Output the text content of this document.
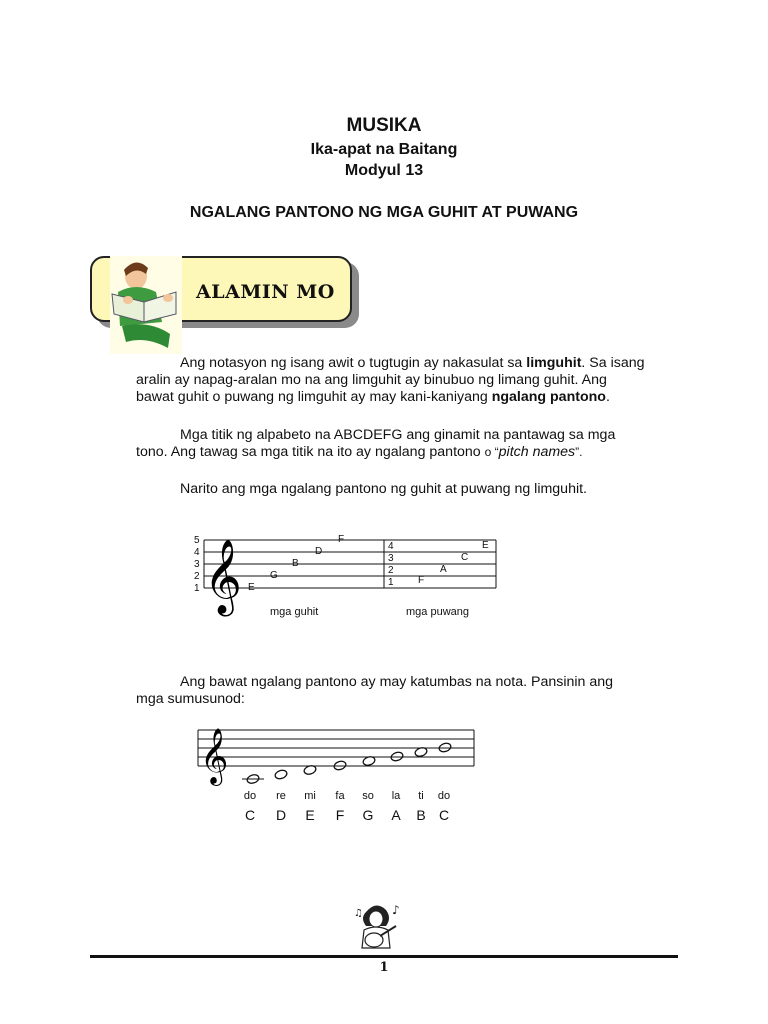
MUSIKA
Ika-apat na Baitang
Modyul 13
NGALANG PANTONO NG MGA GUHIT AT PUWANG
ALAMIN MO
Ang notasyon ng isang awit o tugtugin ay nakasulat sa limguhit. Sa isang
aralin ay napag-aralan mo na ang limguhit ay binubuo ng limang guhit. Ang
bawat guhit o puwang ng limguhit ay may kani-kaniyang ngalang pantono.
Mga titik ng alpabeto na ABCDEFG ang ginamit na pantawag sa mga
tono. Ang tawag sa mga titik na ito ay ngalang pantono o “pitch names”.
Narito ang mga ngalang pantono ng guhit at puwang ng limguhit.
𝄞
5
4
3
2
1	E
G
B
D
F
4
3
2
1 F
A
C
E
mga guhit	mga puwang
Ang bawat ngalang pantono ay may katumbas na nota. Pansinin ang
mga sumusunod:
𝄞
do re mi fa so la ti do
C D E F G A B C
♪
♫
1
